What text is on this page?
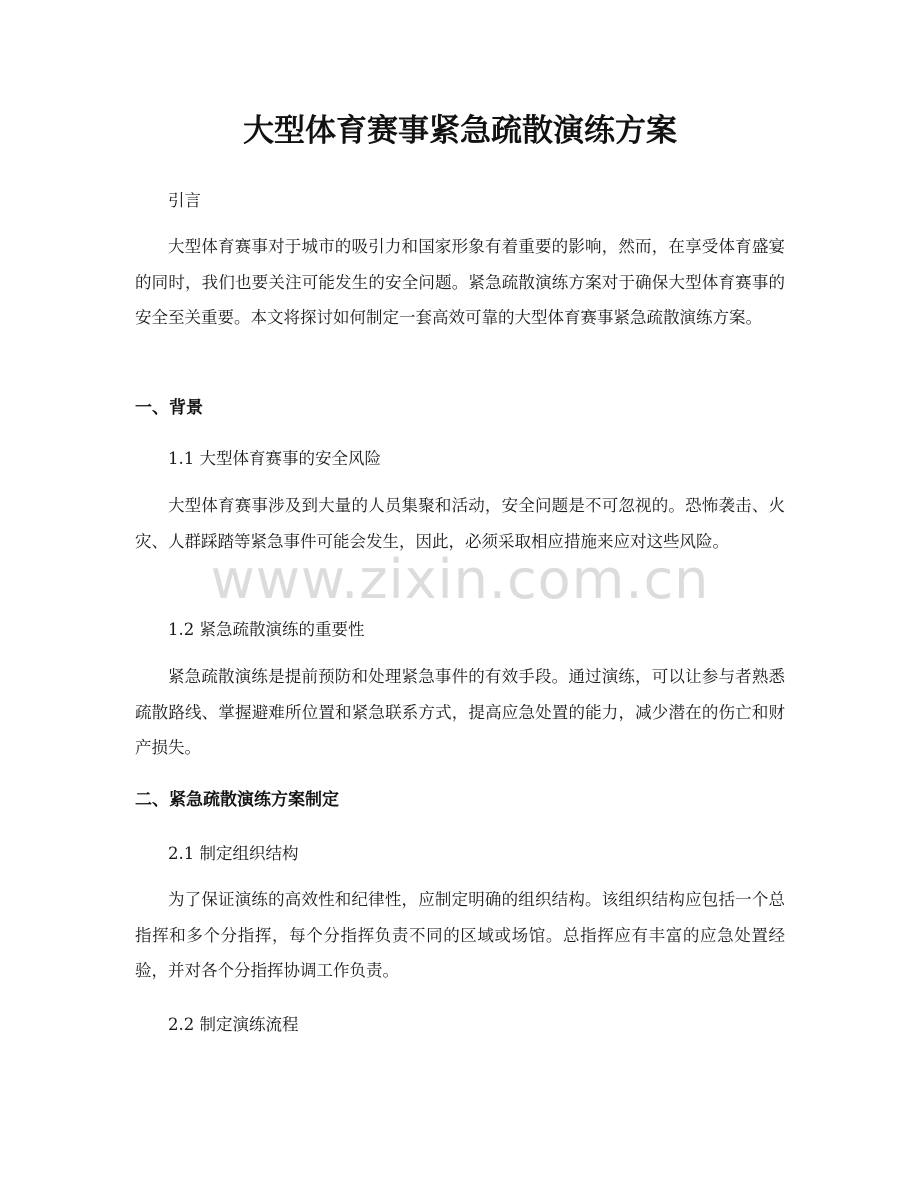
大型体育赛事紧急疏散演练方案

引言

大型体育赛事对于城市的吸引力和国家形象有着重要的影响，然而，在享受体育盛宴的同时，我们也要关注可能发生的安全问题。紧急疏散演练方案对于确保大型体育赛事的安全至关重要。本文将探讨如何制定一套高效可靠的大型体育赛事紧急疏散演练方案。

一、背景

1.1 大型体育赛事的安全风险

大型体育赛事涉及到大量的人员集聚和活动，安全问题是不可忽视的。恐怖袭击、火灾、人群踩踏等紧急事件可能会发生，因此，必须采取相应措施来应对这些风险。

1.2 紧急疏散演练的重要性

紧急疏散演练是提前预防和处理紧急事件的有效手段。通过演练，可以让参与者熟悉疏散路线、掌握避难所位置和紧急联系方式，提高应急处置的能力，减少潜在的伤亡和财产损失。

二、紧急疏散演练方案制定

2.1 制定组织结构

为了保证演练的高效性和纪律性，应制定明确的组织结构。该组织结构应包括一个总指挥和多个分指挥，每个分指挥负责不同的区域或场馆。总指挥应有丰富的应急处置经验，并对各个分指挥协调工作负责。

2.2 制定演练流程

www.zixin.com.cn
